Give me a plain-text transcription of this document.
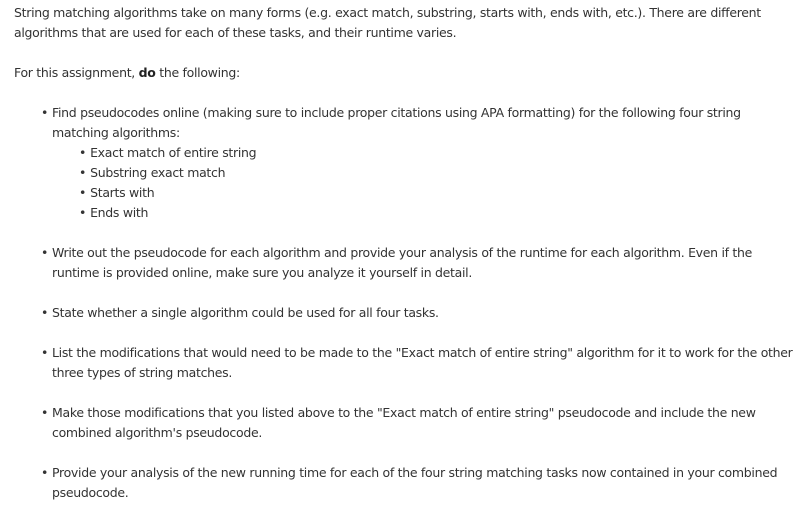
String matching algorithms take on many forms (e.g. exact match, substring, starts with, ends with, etc.). There are different
algorithms that are used for each of these tasks, and their runtime varies.
For this assignment, do the following:
• Find pseudocodes online (making sure to include proper citations using APA formatting) for the following four string matching algorithms:
• Exact match of entire string
• Substring exact match
• Starts with
• Ends with
• Write out the pseudocode for each algorithm and provide your analysis of the runtime for each algorithm. Even if the runtime is provided online, make sure you analyze it yourself in detail.
• State whether a single algorithm could be used for all four tasks.
• List the modifications that would need to be made to the "Exact match of entire string" algorithm for it to work for the other three types of string matches.
• Make those modifications that you listed above to the "Exact match of entire string" pseudocode and include the new combined algorithm's pseudocode.
• Provide your analysis of the new running time for each of the four string matching tasks now contained in your combined pseudocode.
